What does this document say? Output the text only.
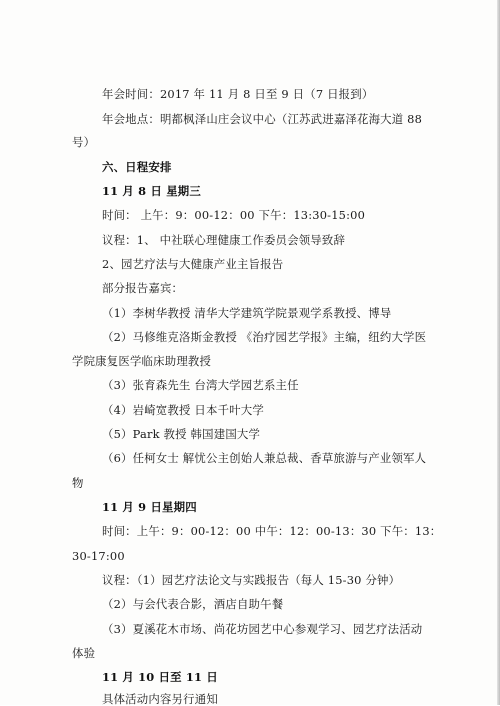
年会时间：2017 年 11 月 8 日至 9 日（7 日报到）
年会地点：明都枫泽山庄会议中心（江苏武进嘉泽花海大道 88
号）
六、日程安排
11 月 8 日 星期三
时间： 上午：9：00-12：00 下午：13:30-15:00
议程：1、 中社联心理健康工作委员会领导致辞
2、园艺疗法与大健康产业主旨报告
部分报告嘉宾：
（1）李树华教授 清华大学建筑学院景观学系教授、博导
（2）马修维克洛斯金教授 《治疗园艺学报》主编，纽约大学医
学院康复医学临床助理教授
（3）张育森先生 台湾大学园艺系主任
（4）岩崎宽教授 日本千叶大学
（5）Park 教授 韩国建国大学
（6）任柯女士 解忧公主创始人兼总裁、香草旅游与产业领军人
物
11 月 9 日星期四
时间：上午：9：00-12：00 中午：12：00-13：30 下午：13：
30-17:00
议程：（1）园艺疗法论文与实践报告（每人 15-30 分钟）
（2）与会代表合影，酒店自助午餐
（3）夏溪花木市场、尚花坊园艺中心参观学习、园艺疗法活动
体验
11 月 10 日至 11 日
具体活动内容另行通知
